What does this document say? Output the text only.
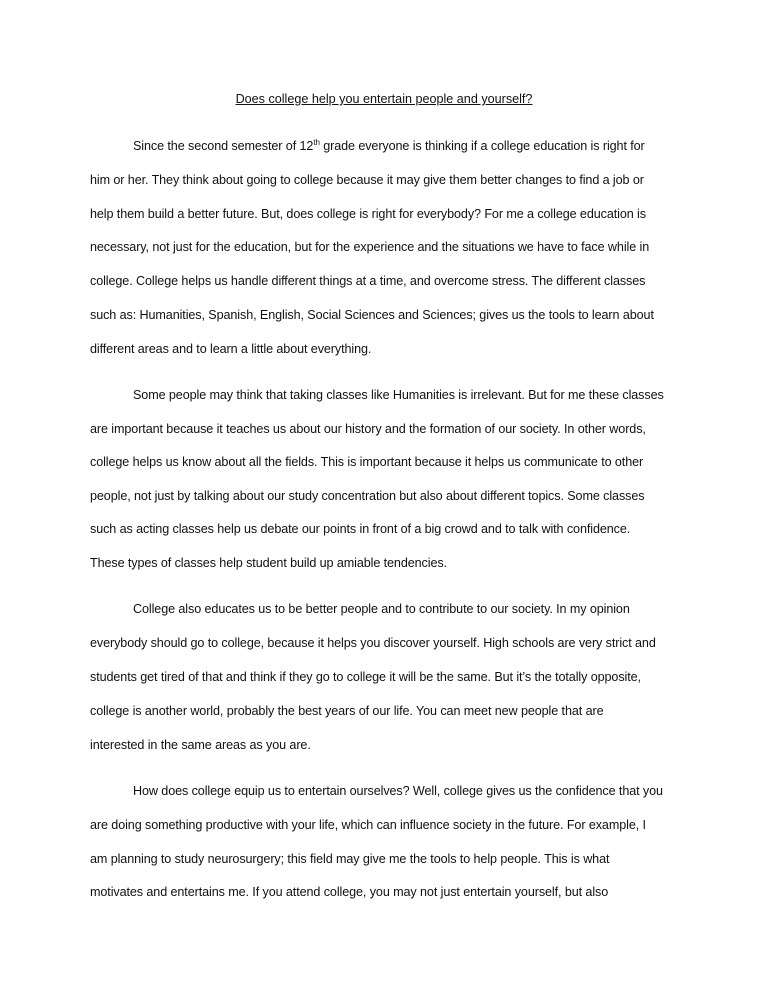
Does college help you entertain people and yourself?
Since the second semester of 12th grade everyone is thinking if a college education is right for
him or her. They think about going to college because it may give them better changes to find a job or
help them build a better future. But, does college is right for everybody? For me a college education is
necessary, not just for the education, but for the experience and the situations we have to face while in
college. College helps us handle different things at a time, and overcome stress. The different classes
such as: Humanities, Spanish, English, Social Sciences and Sciences; gives us the tools to learn about
different areas and to learn a little about everything.
Some people may think that taking classes like Humanities is irrelevant. But for me these classes
are important because it teaches us about our history and the formation of our society. In other words,
college helps us know about all the fields. This is important because it helps us communicate to other
people, not just by talking about our study concentration but also about different topics. Some classes
such as acting classes help us debate our points in front of a big crowd and to talk with confidence.
These types of classes help student build up amiable tendencies.
College also educates us to be better people and to contribute to our society. In my opinion
everybody should go to college, because it helps you discover yourself. High schools are very strict and
students get tired of that and think if they go to college it will be the same. But it’s the totally opposite,
college is another world, probably the best years of our life. You can meet new people that are
interested in the same areas as you are.
How does college equip us to entertain ourselves? Well, college gives us the confidence that you
are doing something productive with your life, which can influence society in the future. For example, I
am planning to study neurosurgery; this field may give me the tools to help people. This is what
motivates and entertains me. If you attend college, you may not just entertain yourself, but also
